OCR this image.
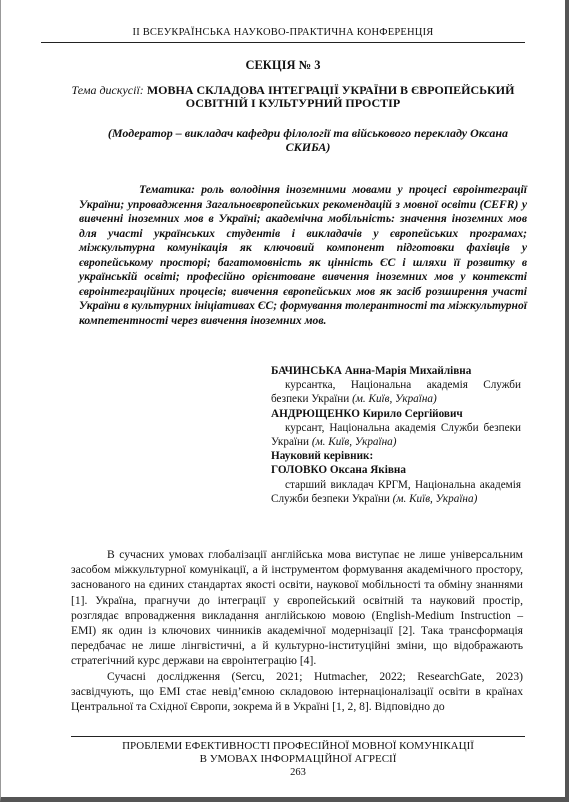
ІІ ВСЕУКРАЇНСЬКА НАУКОВО-ПРАКТИЧНА КОНФЕРЕНЦІЯ
СЕКЦІЯ № 3
Тема дискусії: МОВНА СКЛАДОВА ІНТЕГРАЦІЇ УКРАЇНИ В ЄВРОПЕЙСЬКИЙ ОСВІТНІЙ І КУЛЬТУРНИЙ ПРОСТІР
(Модератор – викладач кафедри філології та військового перекладу Оксана СКИБА)
Тематика: роль володіння іноземними мовами у процесі євроінтеграції України; упровадження Загальноєвропейських рекомендацій з мовної освіти (CEFR) у вивченні іноземних мов в Україні; академічна мобільність: значення іноземних мов для участі українських студентів і викладачів у європейських програмах; міжкультурна комунікація як ключовий компонент підготовки фахівців у європейському просторі; багатомовність як цінність ЄС і шляхи її розвитку в українській освіті; професійно орієнтоване вивчення іноземних мов у контексті євроінтеграційних процесів; вивчення європейських мов як засіб розширення участі України в культурних ініціативах ЄС; формування толерантності та міжкультурної компетентності через вивчення іноземних мов.
БАЧИНСЬКА Анна-Марія Михайлівна
курсантка, Національна академія Служби безпеки України (м. Київ, Україна)
АНДРЮЩЕНКО Кирило Сергійович
курсант, Національна академія Служби безпеки України (м. Київ, Україна)
Науковий керівник:
ГОЛОВКО Оксана Яківна
старший викладач КРГМ, Національна академія Служби безпеки України (м. Київ, Україна)

В сучасних умовах глобалізації англійська мова виступає не лише універсальним засобом міжкультурної комунікації, а й інструментом формування академічного простору, заснованого на єдиних стандартах якості освіти, наукової мобільності та обміну знаннями [1]. Україна, прагнучи до інтеграції у європейський освітній та науковий простір, розглядає впровадження викладання англійською мовою (English-Medium Instruction – EMI) як один із ключових чинників академічної модернізації [2]. Така трансформація передбачає не лише лінгвістичні, а й культурно-інституційні зміни, що відображають стратегічний курс держави на євроінтеграцію [4].

Сучасні дослідження (Sercu, 2021; Hutmacher, 2022; ResearchGate, 2023) засвідчують, що EMI стає невід’ємною складовою інтернаціоналізації освіти в країнах Центральної та Східної Європи, зокрема й в Україні [1, 2, 8]. Відповідно до

ПРОБЛЕМИ ЕФЕКТИВНОСТІ ПРОФЕСІЙНОЇ МОВНОЇ КОМУНІКАЦІЇ
В УМОВАХ ІНФОРМАЦІЙНОЇ АГРЕСІЇ
263
